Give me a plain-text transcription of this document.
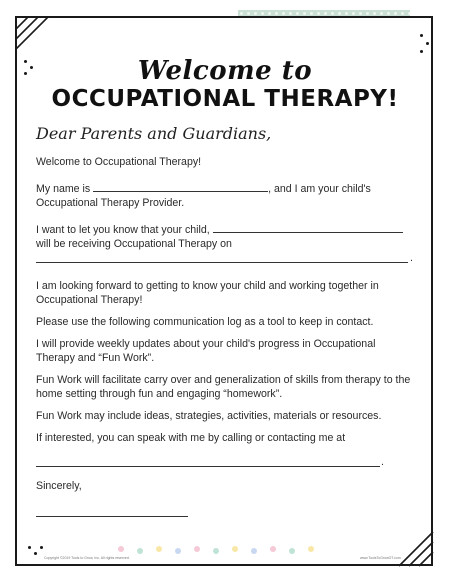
Welcome to
OCCUPATIONAL THERAPY!
Dear Parents and Guardians,
Welcome to Occupational Therapy!
My name is	, and I am your child's
Occupational Therapy Provider.
I want to let you know that your child,
will be receiving Occupational Therapy on
.
I am looking forward to getting to know your child and working together in Occupational Therapy!
Please use the following communication log as a tool to keep in contact.
I will provide weekly updates about your child's progress in Occupational Therapy and “Fun Work”.
Fun Work will facilitate carry over and generalization of skills from therapy to the home setting through fun and engaging “homework”.
Fun Work may include ideas, strategies, activities, materials or resources.
If interested, you can speak with me by calling or contacting me at
.
Sincerely,
Copyright ©2019 Tools to Grow, Inc. All rights reserved.	www.ToolsToGrowOT.com
